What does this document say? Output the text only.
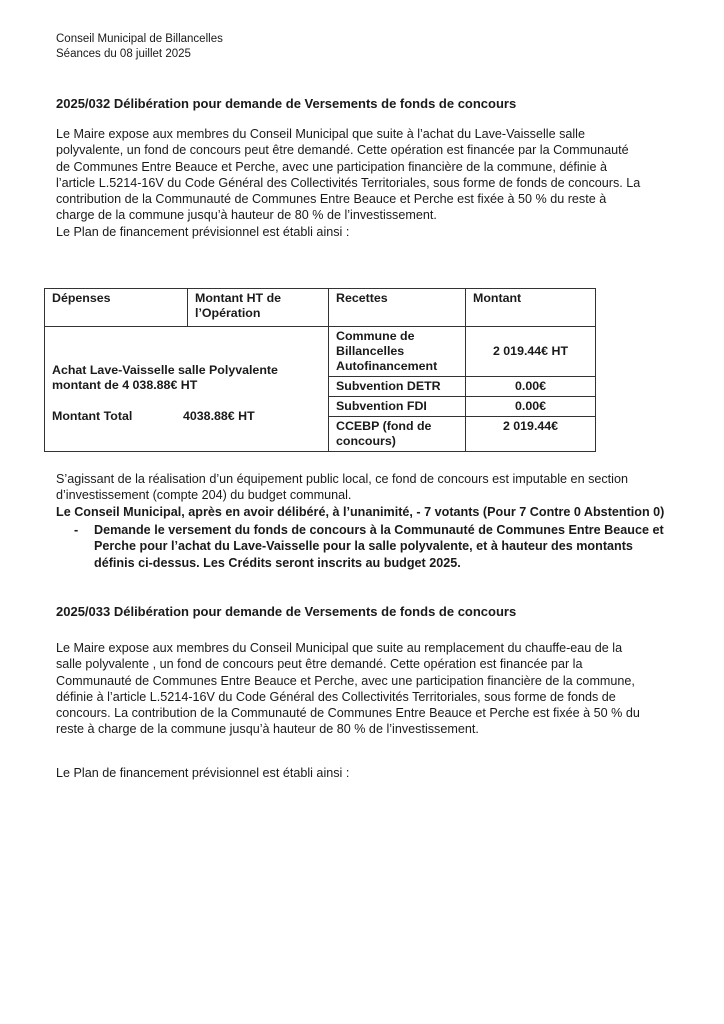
Conseil Municipal de Billancelles
Séances du 08 juillet 2025
2025/032 Délibération pour demande de Versements de fonds de concours
Le Maire expose aux membres du Conseil Municipal que suite à l’achat du Lave-Vaisselle salle
polyvalente, un fond de concours peut être demandé. Cette opération est financée par la Communauté
de Communes Entre Beauce et Perche, avec une participation financière de la commune, définie à
l’article L.5214-16V du Code Général des Collectivités Territoriales, sous forme de fonds de concours. La
contribution de la Communauté de Communes Entre Beauce et Perche est fixée à 50 % du reste à
charge de la commune jusqu’à hauteur de 80 % de l’investissement.
Le Plan de financement prévisionnel est établi ainsi :
Dépenses	Montant HT de l’Opération	Recettes	Montant

Achat Lave-Vaisselle salle Polyvalente montant de 4 038.88€ HT
Montant Total 4038.88€ HT		Commune de Billancelles Autofinancement	2 019.44€ HT
		Subvention DETR	0.00€
		Subvention FDI	0.00€
		CCEBP (fond de concours)	2 019.44€
S’agissant de la réalisation d’un équipement public local, ce fond de concours est imputable en section
d’investissement (compte 204) du budget communal.
Le Conseil Municipal, après en avoir délibéré, à l’unanimité, - 7 votants (Pour 7 Contre 0 Abstention 0)
- Demande le versement du fonds de concours à la Communauté de Communes Entre Beauce et
Perche pour l’achat du Lave-Vaisselle pour la salle polyvalente, et à hauteur des montants
définis ci-dessus. Les Crédits seront inscrits au budget 2025.
2025/033 Délibération pour demande de Versements de fonds de concours
Le Maire expose aux membres du Conseil Municipal que suite au remplacement du chauffe-eau de la
salle polyvalente , un fond de concours peut être demandé. Cette opération est financée par la
Communauté de Communes Entre Beauce et Perche, avec une participation financière de la commune,
définie à l’article L.5214-16V du Code Général des Collectivités Territoriales, sous forme de fonds de
concours. La contribution de la Communauté de Communes Entre Beauce et Perche est fixée à 50 % du
reste à charge de la commune jusqu’à hauteur de 80 % de l’investissement.
Le Plan de financement prévisionnel est établi ainsi :
